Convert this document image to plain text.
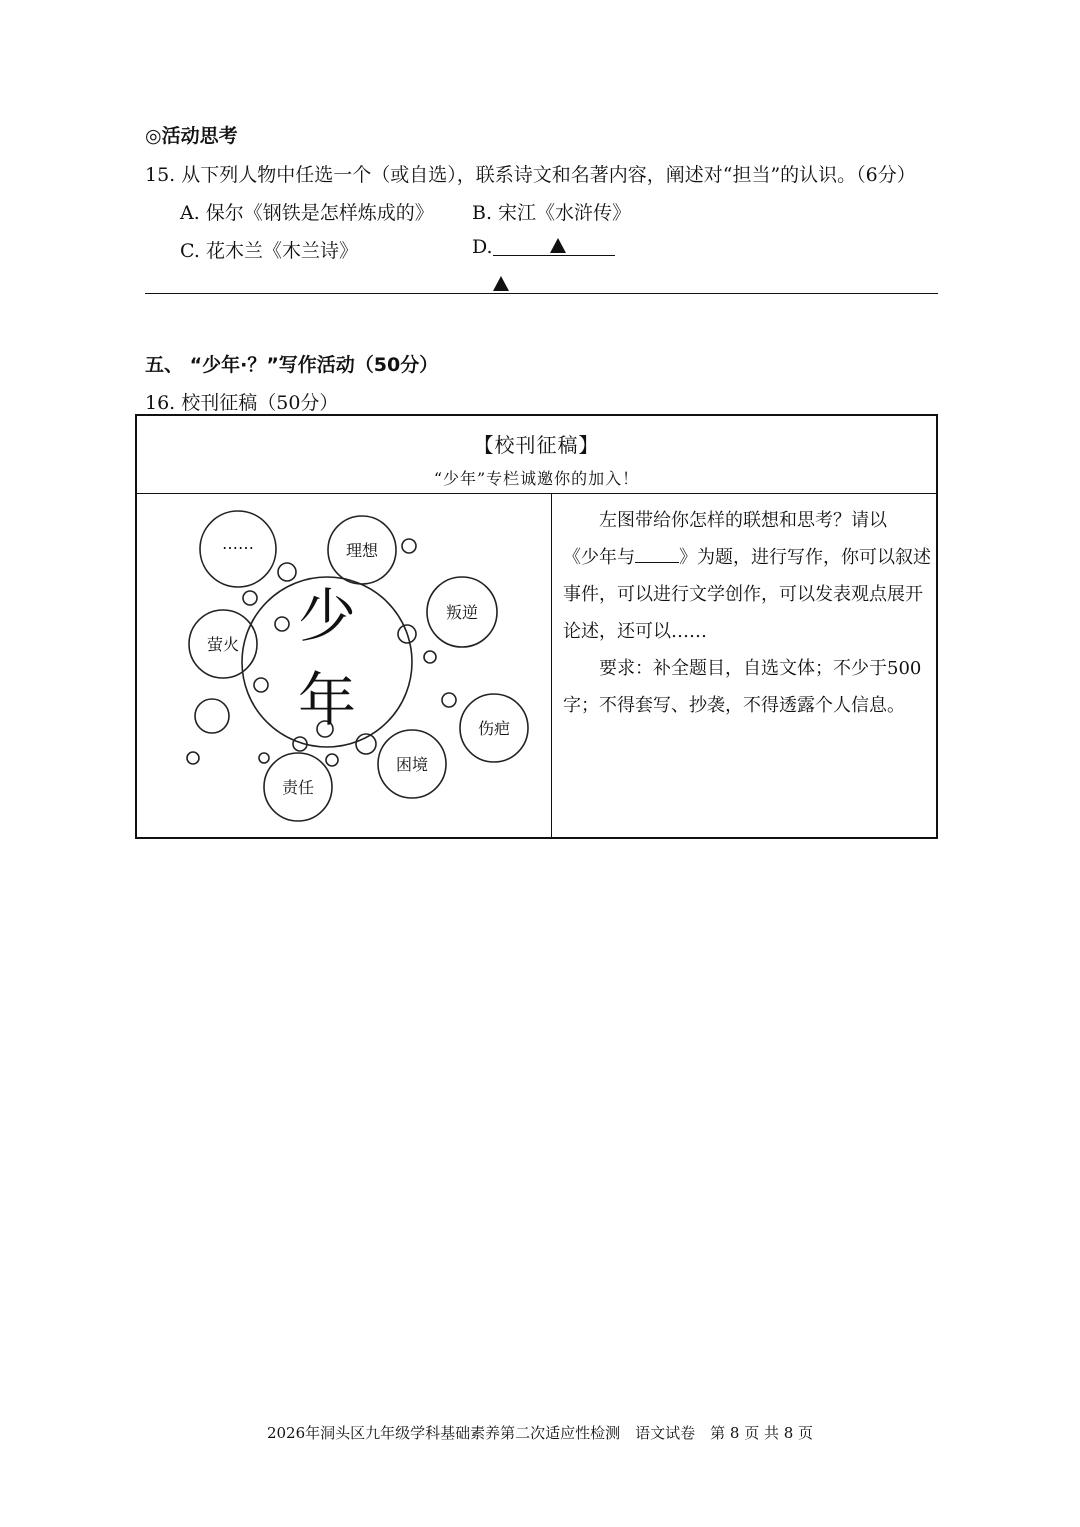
◎活动思考
15. 从下列人物中任选一个（或自选），联系诗文和名著内容，阐述对“担当”的认识。（6分）
A. 保尔《钢铁是怎样炼成的》 B. 宋江《水浒传》
C. 花木兰《木兰诗》	D.
五、 “少年·？”写作活动（50分）
16. 校刊征稿（50分）
【校刊征稿】
“少年”专栏诚邀你的加入！
少
年
……	理想
叛逆
萤火
伤疤
困境
责任

左图带给你怎样的联想和思考？请以

《少年与 》为题，进行写作，你可以叙述事件，可以进行文学创作，可以发表观点展开论述，还可以……

要求：补全题目，自选文体；不少于500字；不得套写、抄袭，不得透露个人信息。

2026年洞头区九年级学科基础素养第二次适应性检测　语文试卷　第 8 页 共 8 页
